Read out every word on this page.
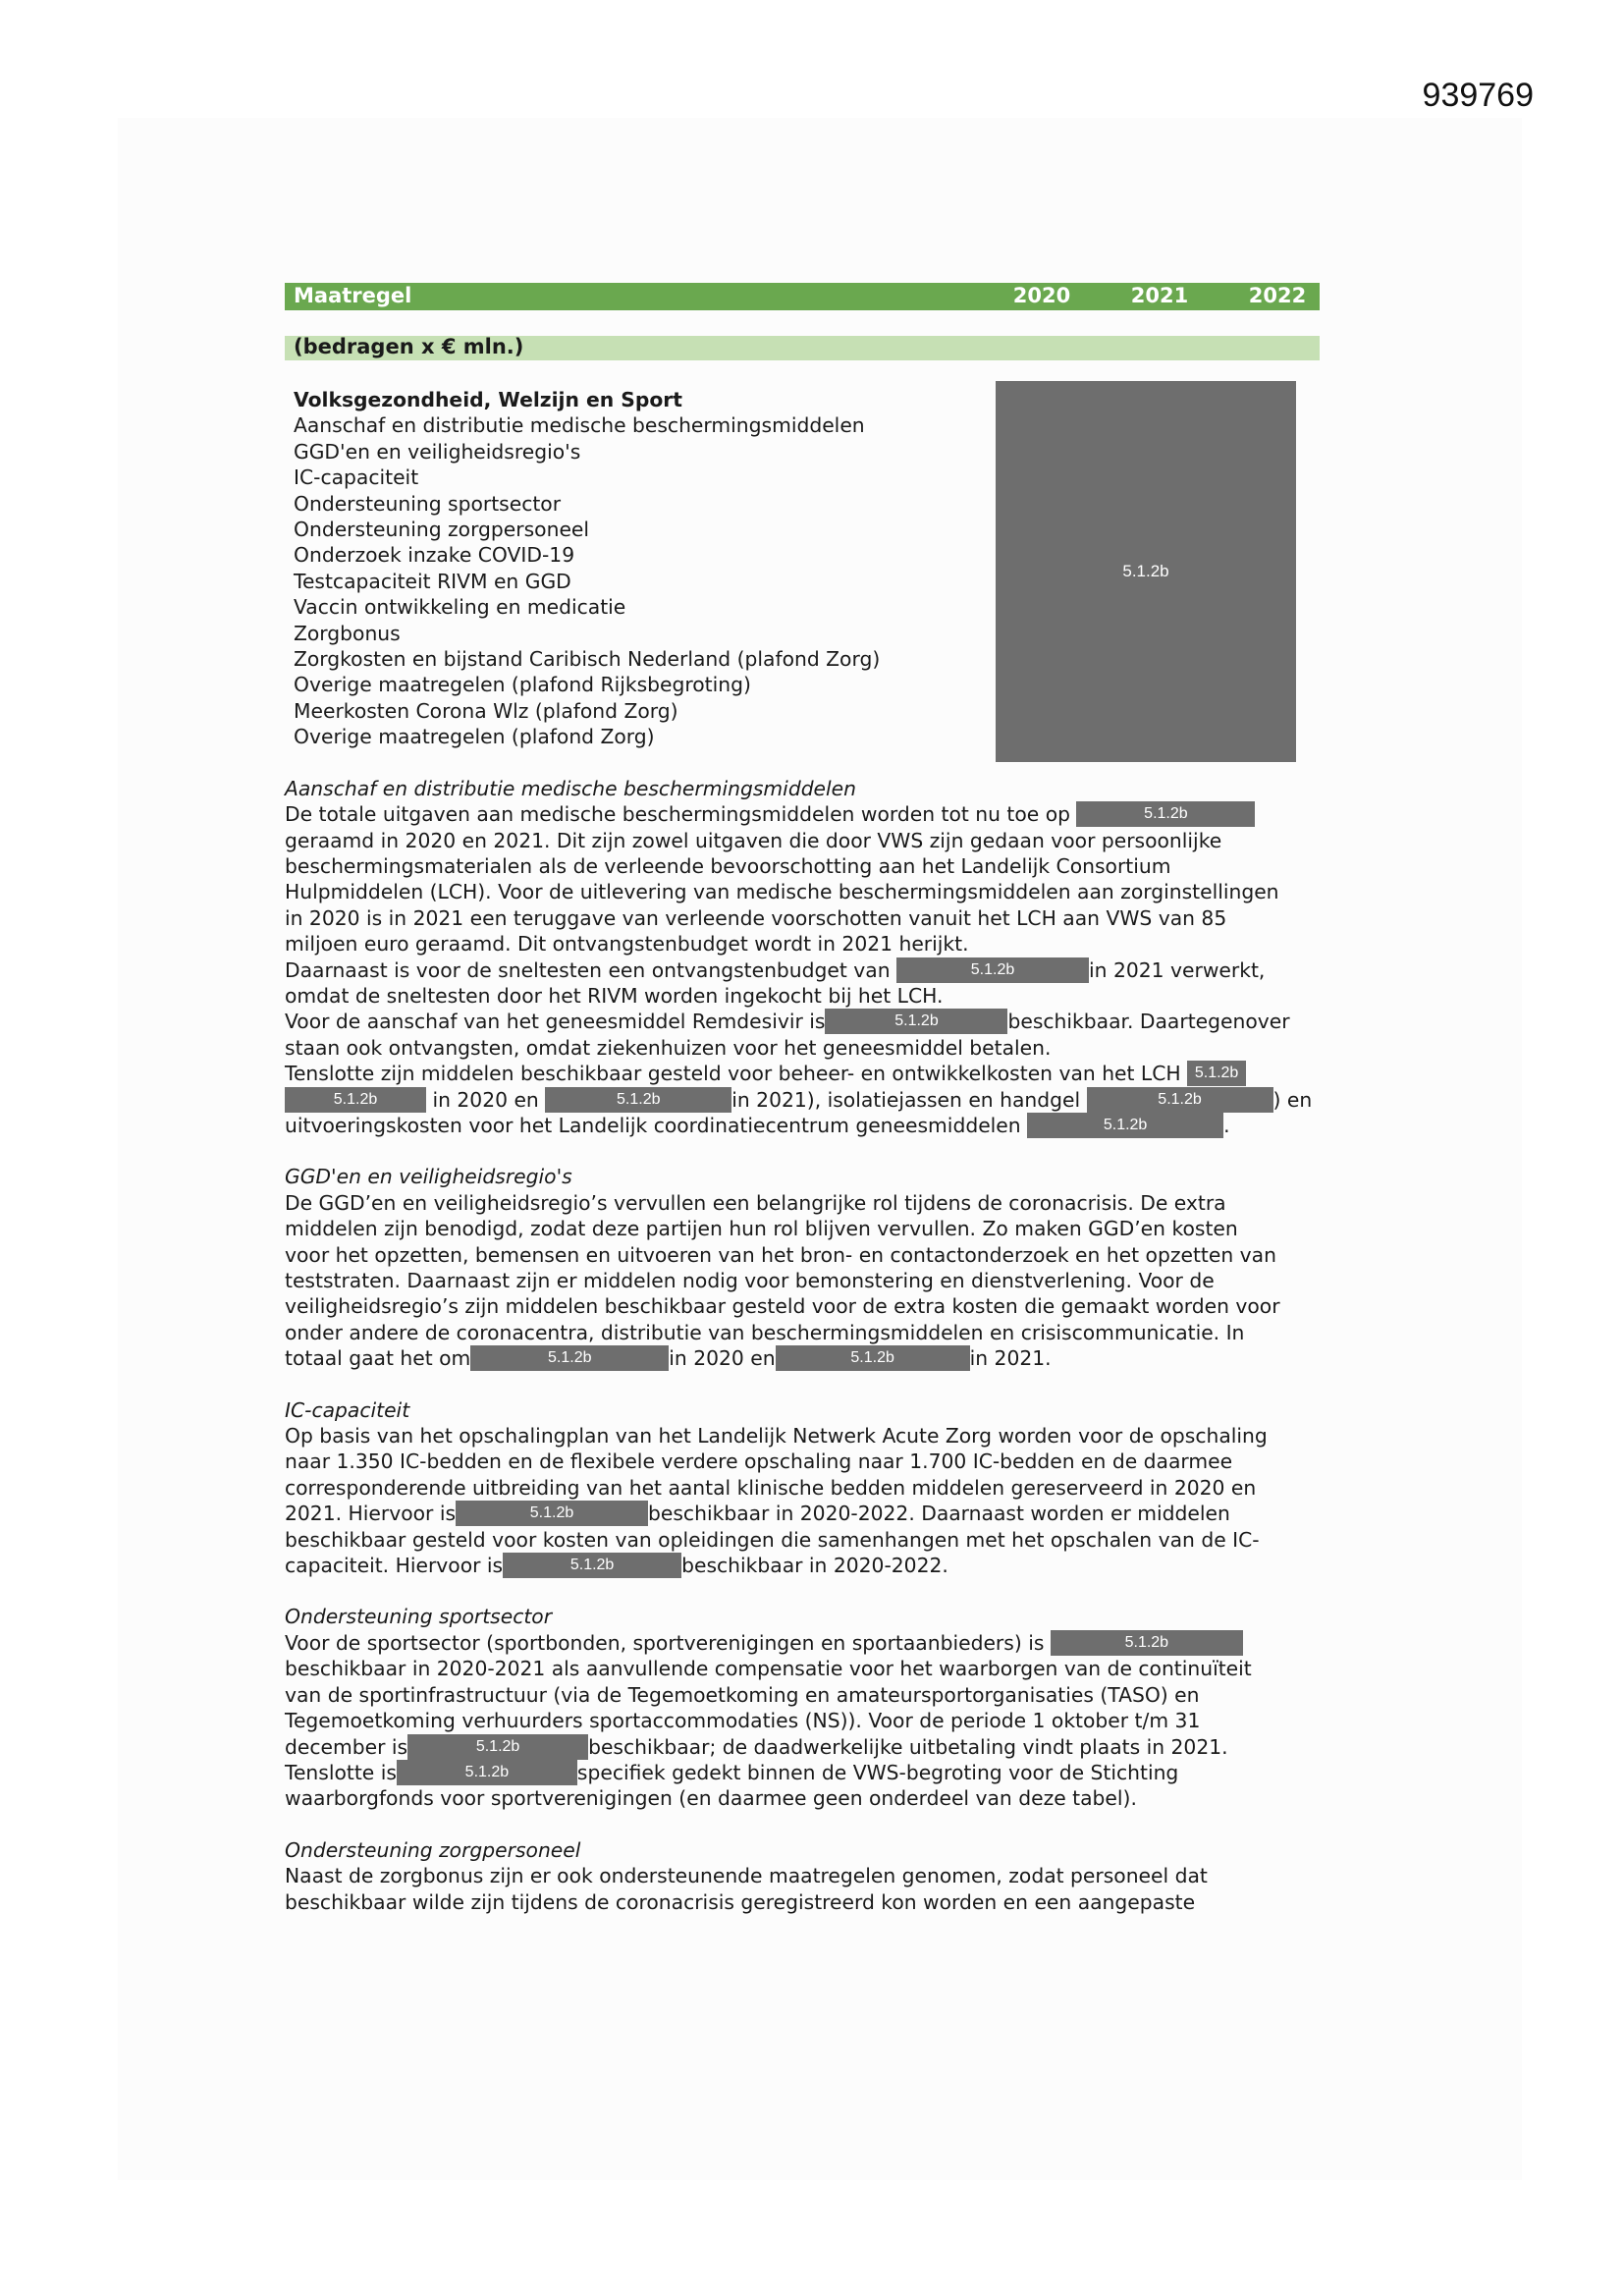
939769
Maatregel	2020	2021	2022
(bedragen x € mln.)
5.1.2b

Volksgezondheid, Welzijn en Sport

Aanschaf en distributie medische beschermingsmiddelen

GGD'en en veiligheidsregio's

IC-capaciteit

Ondersteuning sportsector

Ondersteuning zorgpersoneel

Onderzoek inzake COVID-19

Testcapaciteit RIVM en GGD

Vaccin ontwikkeling en medicatie

Zorgbonus

Zorgkosten en bijstand Caribisch Nederland (plafond Zorg)

Overige maatregelen (plafond Rijksbegroting)

Meerkosten Corona Wlz (plafond Zorg)

Overige maatregelen (plafond Zorg)

Aanschaf en distributie medische beschermingsmiddelen

De totale uitgaven aan medische beschermingsmiddelen worden tot nu toe op	5.1.2b

geraamd in 2020 en 2021. Dit zijn zowel uitgaven die door VWS zijn gedaan voor persoonlijke

beschermingsmaterialen als de verleende bevoorschotting aan het Landelijk Consortium

Hulpmiddelen (LCH). Voor de uitlevering van medische beschermingsmiddelen aan zorginstellingen

in 2020 is in 2021 een teruggave van verleende voorschotten vanuit het LCH aan VWS van 85

miljoen euro geraamd. Dit ontvangstenbudget wordt in 2021 herijkt.

Daarnaast is voor de sneltesten een ontvangstenbudget van	5.1.2b	in 2021 verwerkt,

omdat de sneltesten door het RIVM worden ingekocht bij het LCH.

Voor de aanschaf van het geneesmiddel Remdesivir is	5.1.2b	beschikbaar. Daartegenover

staan ook ontvangsten, omdat ziekenhuizen voor het geneesmiddel betalen.

Tenslotte zijn middelen beschikbaar gesteld voor beheer- en ontwikkelkosten van het LCH 5.1.2b

5.1.2b	in 2020 en	5.1.2b	in 2021), isolatiejassen en handgel	5.1.2b	) en

uitvoeringskosten voor het Landelijk coordinatiecentrum geneesmiddelen	5.1.2b	.

GGD'en en veiligheidsregio's

De GGD’en en veiligheidsregio’s vervullen een belangrijke rol tijdens de coronacrisis. De extra

middelen zijn benodigd, zodat deze partijen hun rol blijven vervullen. Zo maken GGD’en kosten

voor het opzetten, bemensen en uitvoeren van het bron- en contactonderzoek en het opzetten van

teststraten. Daarnaast zijn er middelen nodig voor bemonstering en dienstverlening. Voor de

veiligheidsregio’s zijn middelen beschikbaar gesteld voor de extra kosten die gemaakt worden voor

onder andere de coronacentra, distributie van beschermingsmiddelen en crisiscommunicatie. In

totaal gaat het om	5.1.2b	in 2020 en	5.1.2b	in 2021.

IC-capaciteit

Op basis van het opschalingplan van het Landelijk Netwerk Acute Zorg worden voor de opschaling

naar 1.350 IC-bedden en de flexibele verdere opschaling naar 1.700 IC-bedden en de daarmee

corresponderende uitbreiding van het aantal klinische bedden middelen gereserveerd in 2020 en

2021. Hiervoor is	5.1.2b	beschikbaar in 2020-2022. Daarnaast worden er middelen

beschikbaar gesteld voor kosten van opleidingen die samenhangen met het opschalen van de IC-

capaciteit. Hiervoor is	5.1.2b	beschikbaar in 2020-2022.

Ondersteuning sportsector

Voor de sportsector (sportbonden, sportverenigingen en sportaanbieders) is	5.1.2b

beschikbaar in 2020-2021 als aanvullende compensatie voor het waarborgen van de continuïteit

van de sportinfrastructuur (via de Tegemoetkoming en amateursportorganisaties (TASO) en

Tegemoetkoming verhuurders sportaccommodaties (NS)). Voor de periode 1 oktober t/m 31

december is	5.1.2b	beschikbaar; de daadwerkelijke uitbetaling vindt plaats in 2021.

Tenslotte is	5.1.2b	specifiek gedekt binnen de VWS-begroting voor de Stichting

waarborgfonds voor sportverenigingen (en daarmee geen onderdeel van deze tabel).

Ondersteuning zorgpersoneel

Naast de zorgbonus zijn er ook ondersteunende maatregelen genomen, zodat personeel dat

beschikbaar wilde zijn tijdens de coronacrisis geregistreerd kon worden en een aangepaste
